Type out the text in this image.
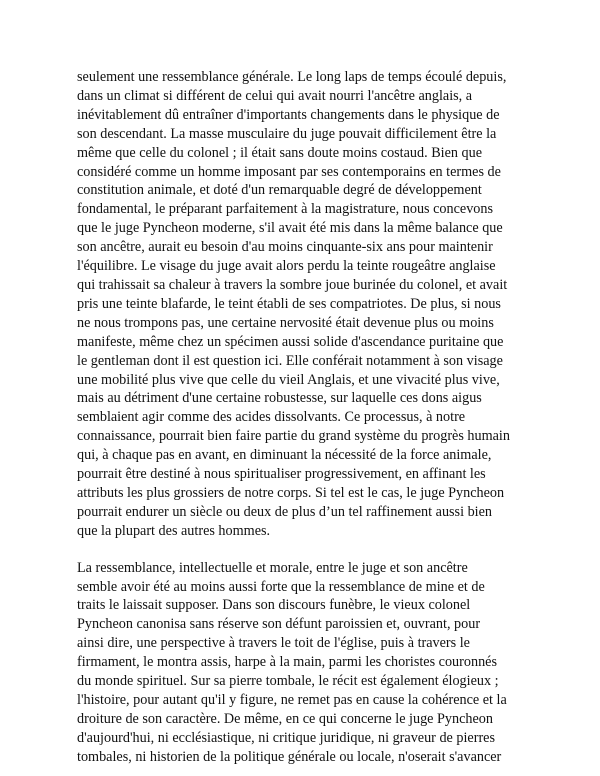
seulement une ressemblance générale. Le long laps de temps écoulé depuis,
dans un climat si différent de celui qui avait nourri l'ancêtre anglais, a
inévitablement dû entraîner d'importants changements dans le physique de
son descendant. La masse musculaire du juge pouvait difficilement être la
même que celle du colonel ; il était sans doute moins costaud. Bien que
considéré comme un homme imposant par ses contemporains en termes de
constitution animale, et doté d'un remarquable degré de développement
fondamental, le préparant parfaitement à la magistrature, nous concevons
que le juge Pyncheon moderne, s'il avait été mis dans la même balance que
son ancêtre, aurait eu besoin d'au moins cinquante-six ans pour maintenir
l'équilibre. Le visage du juge avait alors perdu la teinte rougeâtre anglaise
qui trahissait sa chaleur à travers la sombre joue burinée du colonel, et avait
pris une teinte blafarde, le teint établi de ses compatriotes. De plus, si nous
ne nous trompons pas, une certaine nervosité était devenue plus ou moins
manifeste, même chez un spécimen aussi solide d'ascendance puritaine que
le gentleman dont il est question ici. Elle conférait notamment à son visage
une mobilité plus vive que celle du vieil Anglais, et une vivacité plus vive,
mais au détriment d'une certaine robustesse, sur laquelle ces dons aigus
semblaient agir comme des acides dissolvants. Ce processus, à notre
connaissance, pourrait bien faire partie du grand système du progrès humain
qui, à chaque pas en avant, en diminuant la nécessité de la force animale,
pourrait être destiné à nous spiritualiser progressivement, en affinant les
attributs les plus grossiers de notre corps. Si tel est le cas, le juge Pyncheon
pourrait endurer un siècle ou deux de plus d’un tel raffinement aussi bien
que la plupart des autres hommes.
La ressemblance, intellectuelle et morale, entre le juge et son ancêtre
semble avoir été au moins aussi forte que la ressemblance de mine et de
traits le laissait supposer. Dans son discours funèbre, le vieux colonel
Pyncheon canonisa sans réserve son défunt paroissien et, ouvrant, pour
ainsi dire, une perspective à travers le toit de l'église, puis à travers le
firmament, le montra assis, harpe à la main, parmi les choristes couronnés
du monde spirituel. Sur sa pierre tombale, le récit est également élogieux ;
l'histoire, pour autant qu'il y figure, ne remet pas en cause la cohérence et la
droiture de son caractère. De même, en ce qui concerne le juge Pyncheon
d'aujourd'hui, ni ecclésiastique, ni critique juridique, ni graveur de pierres
tombales, ni historien de la politique générale ou locale, n'oserait s'avancer
